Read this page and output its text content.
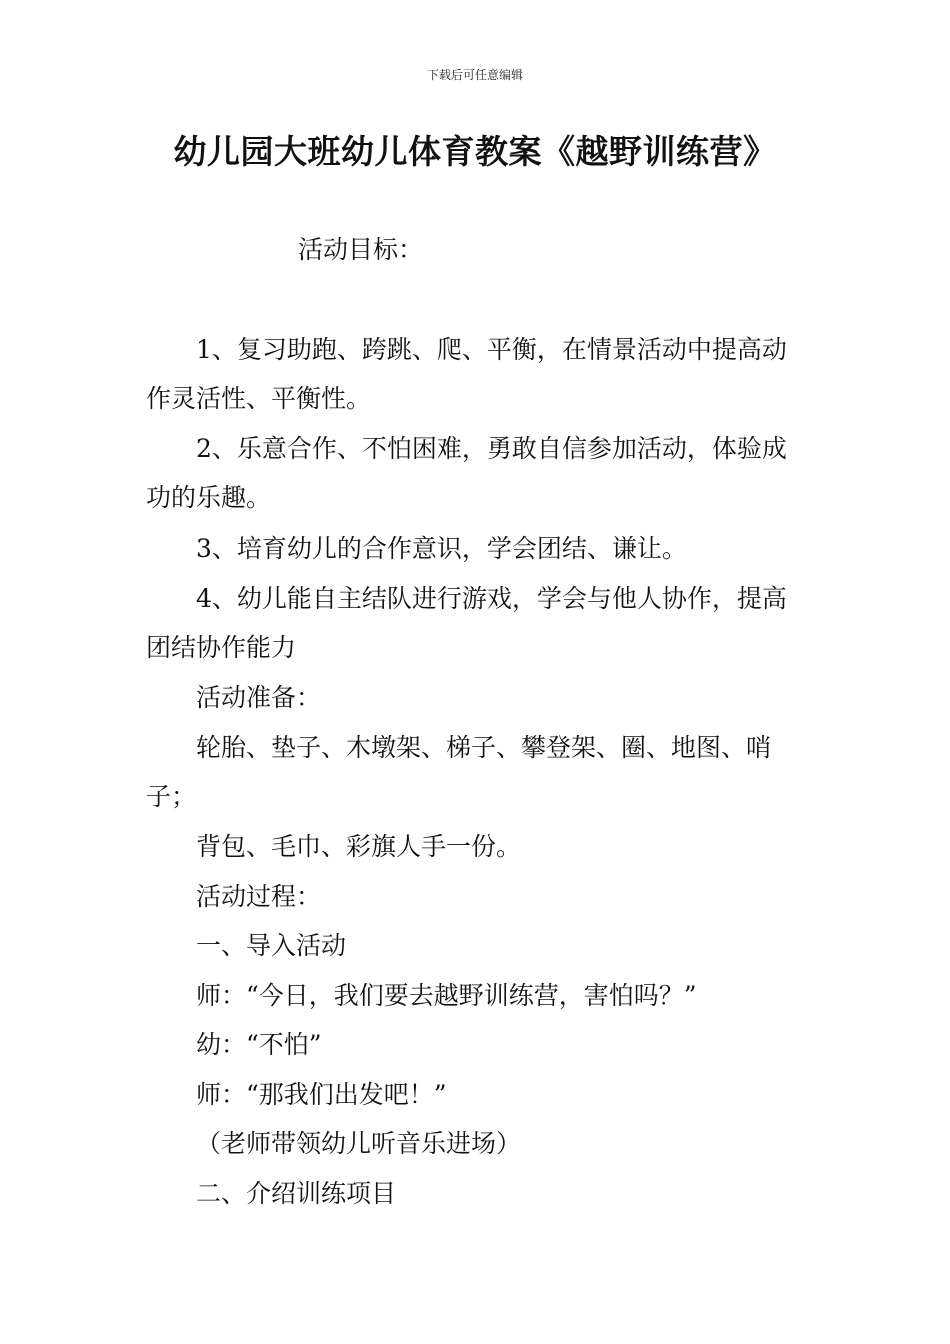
下载后可任意编辑
幼儿园大班幼儿体育教案《越野训练营》
活动目标：
1、复习助跑、跨跳、爬、平衡，在情景活动中提高动
作灵活性、平衡性。
2、乐意合作、不怕困难，勇敢自信参加活动，体验成
功的乐趣。
3、培育幼儿的合作意识，学会团结、谦让。
4、幼儿能自主结队进行游戏，学会与他人协作，提高
团结协作能力
活动准备：
轮胎、垫子、木墩架、梯子、攀登架、圈、地图、哨
子；
背包、毛巾、彩旗人手一份。
活动过程：
一、导入活动
师：“今日，我们要去越野训练营，害怕吗？”
幼：“不怕”
师：“那我们出发吧！”
（老师带领幼儿听音乐进场）
二、介绍训练项目
